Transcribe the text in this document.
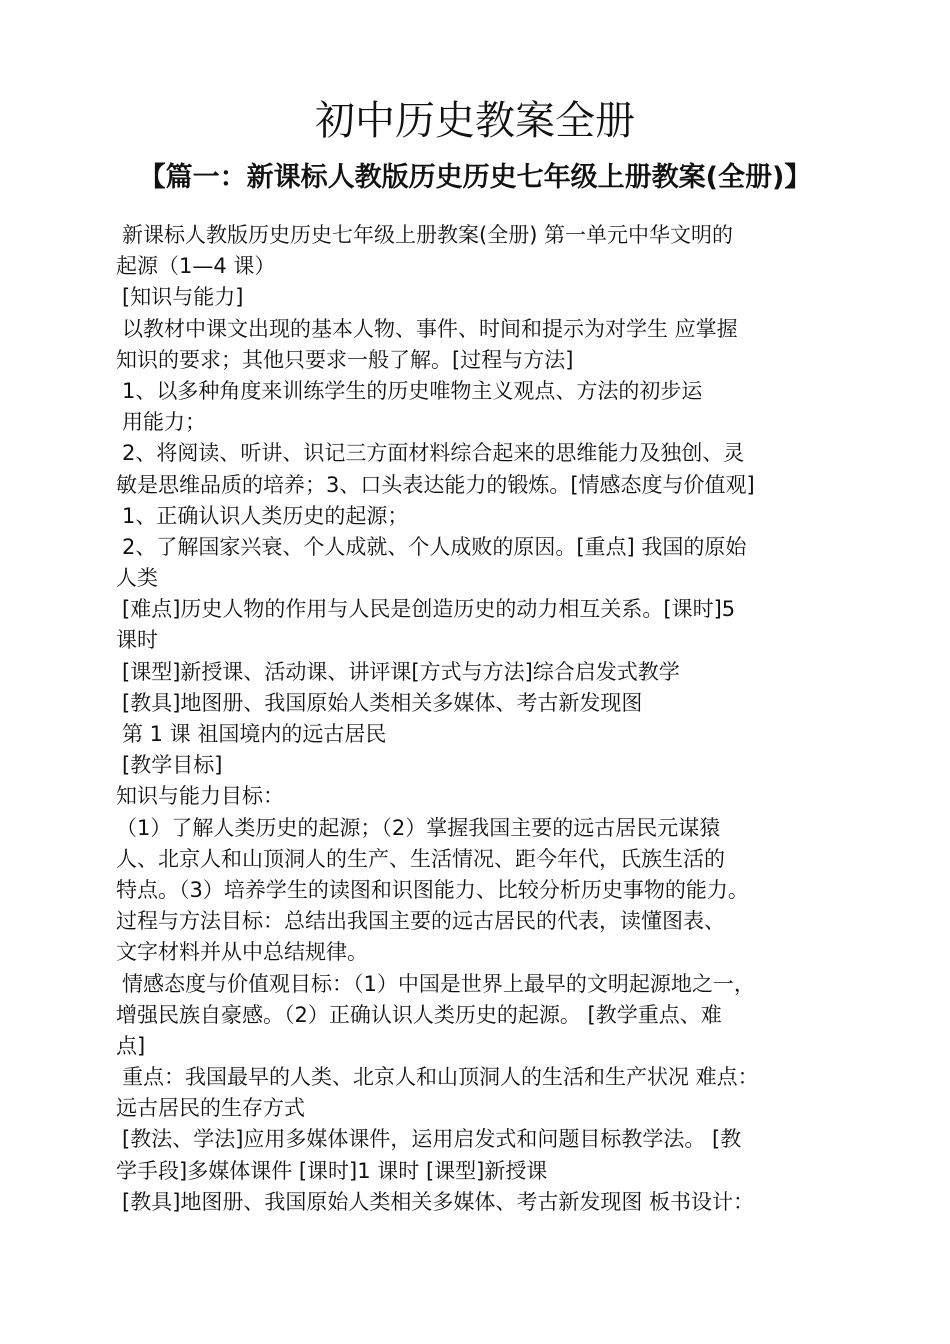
初中历史教案全册
【篇一：新课标人教版历史历史七年级上册教案(全册)】
新课标人教版历史历史七年级上册教案(全册) 第一单元中华文明的
起源（1—4 课）
[知识与能力]
以教材中课文出现的基本人物、事件、时间和提示为对学生 应掌握
知识的要求；其他只要求一般了解。[过程与方法]
1、以多种角度来训练学生的历史唯物主义观点、方法的初步运
用能力；
2、将阅读、听讲、识记三方面材料综合起来的思维能力及独创、灵
敏是思维品质的培养；3、口头表达能力的锻炼。[情感态度与价值观]
1、正确认识人类历史的起源；
2、了解国家兴衰、个人成就、个人成败的原因。[重点] 我国的原始
人类
[难点]历史人物的作用与人民是创造历史的动力相互关系。[课时]5
课时
[课型]新授课、活动课、讲评课[方式与方法]综合启发式教学
[教具]地图册、我国原始人类相关多媒体、考古新发现图
第 1 课 祖国境内的远古居民
[教学目标]
知识与能力目标：
（1）了解人类历史的起源；（2）掌握我国主要的远古居民元谋猿
人、北京人和山顶洞人的生产、生活情况、距今年代，氏族生活的
特点。（3）培养学生的读图和识图能力、比较分析历史事物的能力。
过程与方法目标：总结出我国主要的远古居民的代表，读懂图表、
文字材料并从中总结规律。
情感态度与价值观目标：（1）中国是世界上最早的文明起源地之一，
增强民族自豪感。（2）正确认识人类历史的起源。 [教学重点、难
点]
重点：我国最早的人类、北京人和山顶洞人的生活和生产状况 难点：
远古居民的生存方式
[教法、学法]应用多媒体课件，运用启发式和问题目标教学法。 [教
学手段]多媒体课件 [课时]1 课时 [课型]新授课
[教具]地图册、我国原始人类相关多媒体、考古新发现图 板书设计：
